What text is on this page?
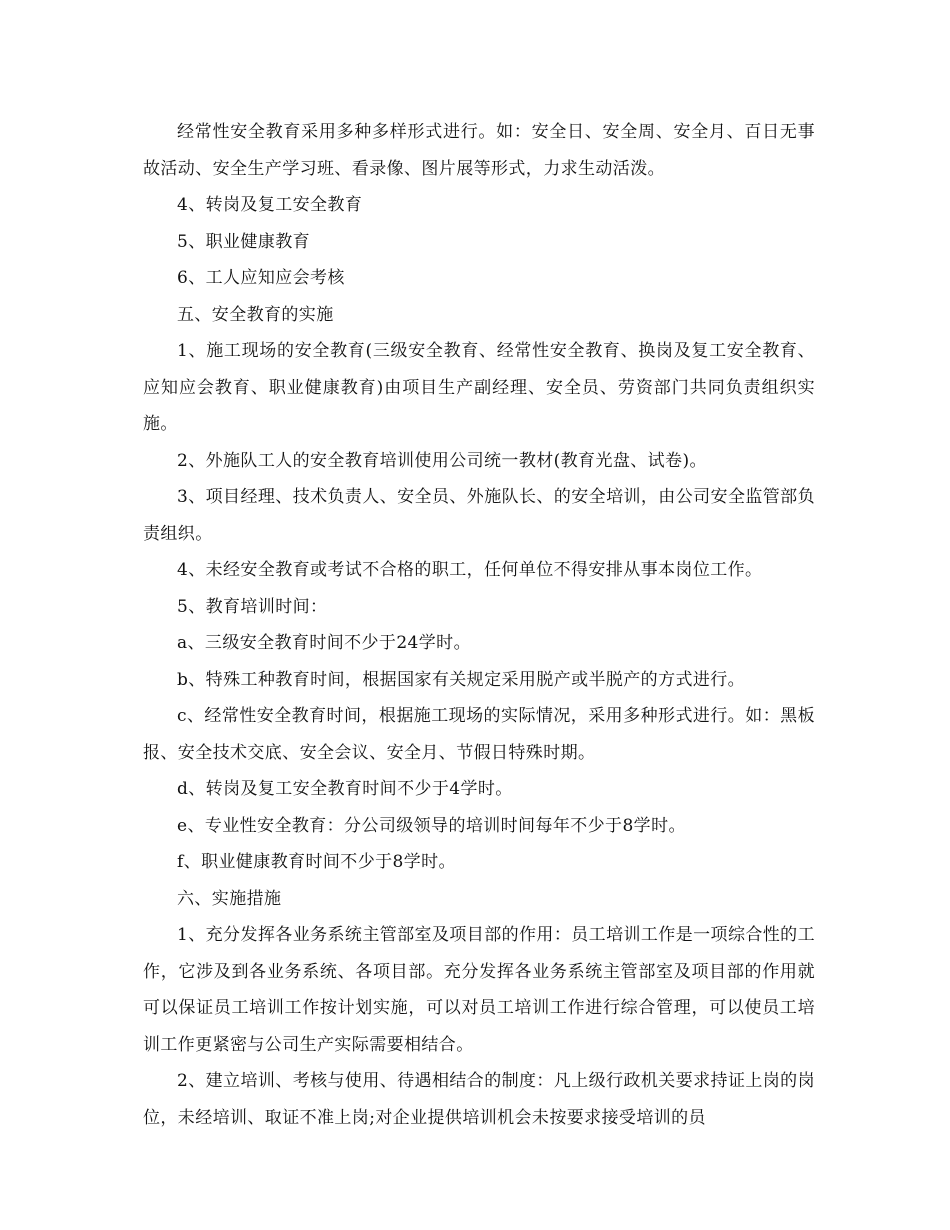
经常性安全教育采用多种多样形式进行。如：安全日、安全周、安全月、百日无事故活动、安全生产学习班、看录像、图片展等形式，力求生动活泼。

4、转岗及复工安全教育

5、职业健康教育

6、工人应知应会考核

五、安全教育的实施

1、施工现场的安全教育(三级安全教育、经常性安全教育、换岗及复工安全教育、应知应会教育、职业健康教育)由项目生产副经理、安全员、劳资部门共同负责组织实施。

2、外施队工人的安全教育培训使用公司统一教材(教育光盘、试卷)。

3、项目经理、技术负责人、安全员、外施队长、的安全培训，由公司安全监管部负责组织。

4、未经安全教育或考试不合格的职工，任何单位不得安排从事本岗位工作。

5、教育培训时间：

a、三级安全教育时间不少于24学时。

b、特殊工种教育时间，根据国家有关规定采用脱产或半脱产的方式进行。

c、经常性安全教育时间，根据施工现场的实际情况，采用多种形式进行。如：黑板报、安全技术交底、安全会议、安全月、节假日特殊时期。

d、转岗及复工安全教育时间不少于4学时。

e、专业性安全教育：分公司级领导的培训时间每年不少于8学时。

f、职业健康教育时间不少于8学时。

六、实施措施

1、充分发挥各业务系统主管部室及项目部的作用：员工培训工作是一项综合性的工作，它涉及到各业务系统、各项目部。充分发挥各业务系统主管部室及项目部的作用就可以保证员工培训工作按计划实施，可以对员工培训工作进行综合管理，可以使员工培训工作更紧密与公司生产实际需要相结合。

2、建立培训、考核与使用、待遇相结合的制度：凡上级行政机关要求持证上岗的岗位，未经培训、取证不准上岗;对企业提供培训机会未按要求接受培训的员
